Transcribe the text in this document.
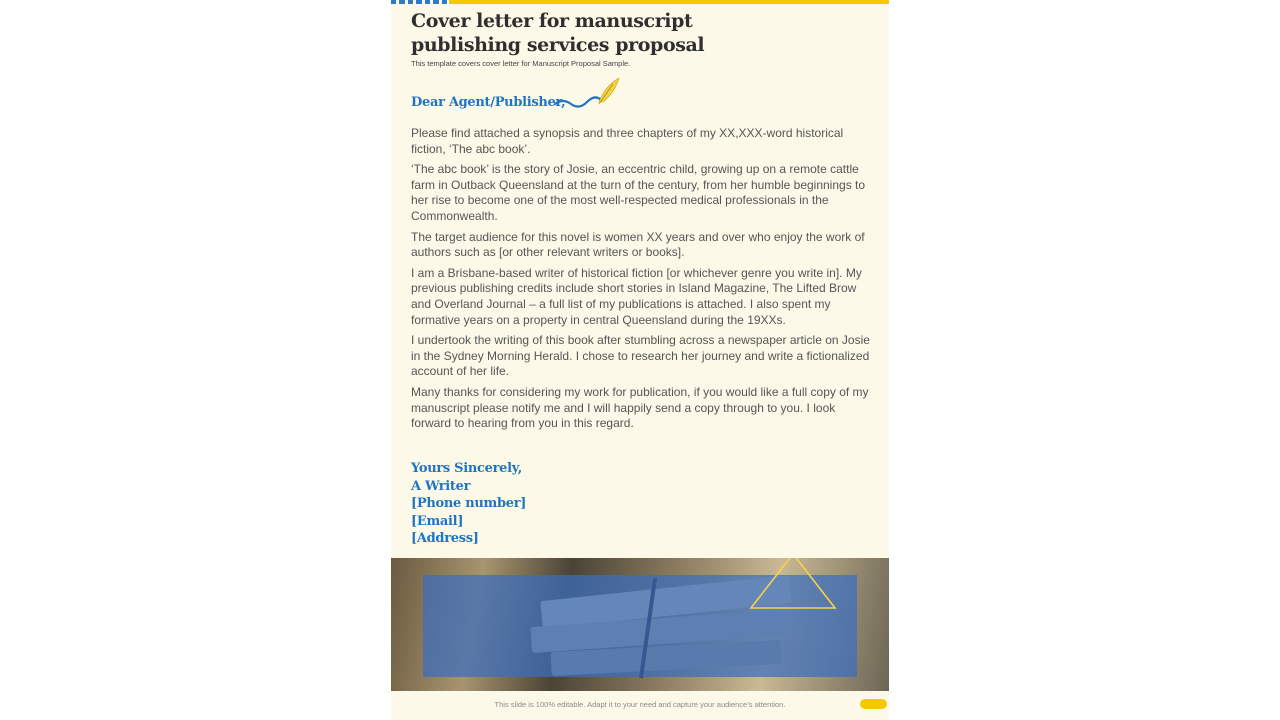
Cover letter for manuscript publishing services proposal

This template covers cover letter for Manuscript Proposal Sample.

Dear Agent/Publisher,

Please find attached a synopsis and three chapters of my XX,XXX-word historical fiction, ‘The abc book’.

‘The abc book’ is the story of Josie, an eccentric child, growing up on a remote cattle farm in Outback Queensland at the turn of the century, from her humble beginnings to her rise to become one of the most well-respected medical professionals in the Commonwealth.

The target audience for this novel is women XX years and over who enjoy the work of authors such as [or other relevant writers or books].

I am a Brisbane-based writer of historical fiction [or whichever genre you write in]. My previous publishing credits include short stories in Island Magazine, The Lifted Brow and Overland Journal – a full list of my publications is attached. I also spent my formative years on a property in central Queensland during the 19XXs.

I undertook the writing of this book after stumbling across a newspaper article on Josie in the Sydney Morning Herald. I chose to research her journey and write a fictionalized account of her life.

Many thanks for considering my work for publication, if you would like a full copy of my manuscript please notify me and I will happily send a copy through to you. I look forward to hearing from you in this regard.

Yours Sincerely,
A Writer
[Phone number]
[Email]
[Address]
This slide is 100% editable. Adapt it to your need and capture your audience’s attention.
